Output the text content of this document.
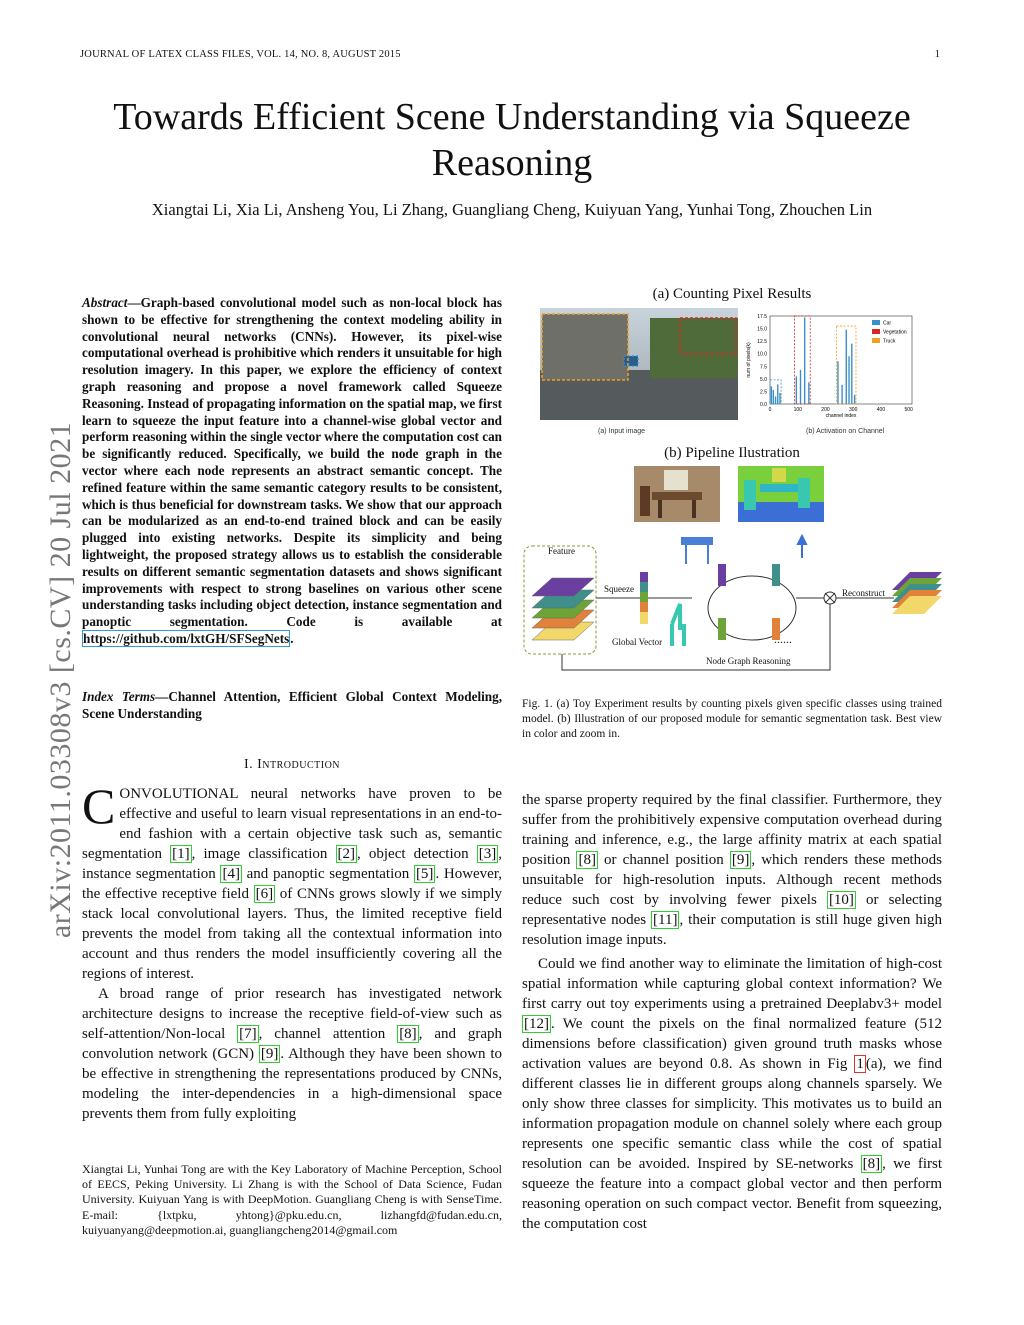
JOURNAL OF LATEX CLASS FILES, VOL. 14, NO. 8, AUGUST 2015	1
Towards Efficient Scene Understanding via Squeeze Reasoning
Xiangtai Li, Xia Li, Ansheng You, Li Zhang, Guangliang Cheng, Kuiyuan Yang, Yunhai Tong, Zhouchen Lin
arXiv:2011.03308v3 [cs.CV] 20 Jul 2021
Abstract—Graph-based convolutional model such as non-local block has shown to be effective for strengthening the context modeling ability in convolutional neural networks (CNNs). However, its pixel-wise computational overhead is prohibitive which renders it unsuitable for high resolution imagery. In this paper, we explore the efficiency of context graph reasoning and propose a novel framework called Squeeze Reasoning. Instead of propagating information on the spatial map, we first learn to squeeze the input feature into a channel-wise global vector and perform reasoning within the single vector where the computation cost can be significantly reduced. Specifically, we build the node graph in the vector where each node represents an abstract semantic concept. The refined feature within the same semantic category results to be consistent, which is thus beneficial for downstream tasks. We show that our approach can be modularized as an end-to-end trained block and can be easily plugged into existing networks. Despite its simplicity and being lightweight, the proposed strategy allows us to establish the considerable results on different semantic segmentation datasets and shows significant improvements with respect to strong baselines on various other scene understanding tasks including object detection, instance segmentation and panoptic segmentation. Code is available at https://github.com/lxtGH/SFSegNets.
Index Terms—Channel Attention, Efficient Global Context Modeling, Scene Understanding
I. Introduction

CONVOLUTIONAL neural networks have proven to be effective and useful to learn visual representations in an end-to-end fashion with a certain objective task such as, semantic segmentation [1] , image classification [2] , object detection [3] , instance segmentation [4] and panoptic segmentation [5] . However, the effective receptive field [6] of CNNs grows slowly if we simply stack local convolutional layers. Thus, the limited receptive field prevents the model from taking all the contextual information into account and thus renders the model insufficiently covering all the regions of interest.

A broad range of prior research has investigated network architecture designs to increase the receptive field-of-view such as self-attention/Non-local [7] , channel attention [8] , and graph convolution network (GCN) [9] . Although they have been shown to be effective in strengthening the representations produced by CNNs, modeling the inter-dependencies in a high-dimensional space prevents them from fully exploiting

Xiangtai Li, Yunhai Tong are with the Key Laboratory of Machine Perception, School of EECS, Peking University. Li Zhang is with the School of Data Science, Fudan University. Kuiyuan Yang is with DeepMotion. Guangliang Cheng is with SenseTime. E-mail: {lxtpku, yhtong}@pku.edu.cn, lizhangfd@fudan.edu.cn, kuiyuanyang@deepmotion.ai, guangliangcheng2014@gmail.com
(a) Counting Pixel Results
(a) Input image
0.0
2.5
5.0
7.5
10.0
12.5
15.0
17.5
0	100	200	300	400	500
channel index
num of pixels(k)
Car
Vegetation
Truck
(b) Activation on Channel
(b) Pipeline Ilustration
Feature
Squeeze
Global Vector
Reconstruct
......
Node Graph Reasoning
Fig. 1. (a) Toy Experiment results by counting pixels given specific classes using trained model. (b) Illustration of our proposed module for semantic segmentation task. Best view in color and zoom in.

the sparse property required by the final classifier. Furthermore, they suffer from the prohibitively expensive computation overhead during training and inference, e.g., the large affinity matrix at each spatial position [8] or channel position [9] , which renders these methods unsuitable for high-resolution inputs. Although recent methods reduce such cost by involving fewer pixels [10] or selecting representative nodes [11] , their computation is still huge given high resolution image inputs.

Could we find another way to eliminate the limitation of high-cost spatial information while capturing global context information? We first carry out toy experiments using a pretrained Deeplabv3+ model [12] . We count the pixels on the final normalized feature (512 dimensions before classification) given ground truth masks whose activation values are beyond 0.8. As shown in Fig 1 (a), we find different classes lie in different groups along channels sparsely. We only show three classes for simplicity. This motivates us to build an information propagation module on channel solely where each group represents one specific semantic class while the cost of spatial resolution can be avoided. Inspired by SE-networks [8] , we first squeeze the feature into a compact global vector and then perform reasoning operation on such compact vector. Benefit from squeezing, the computation cost
